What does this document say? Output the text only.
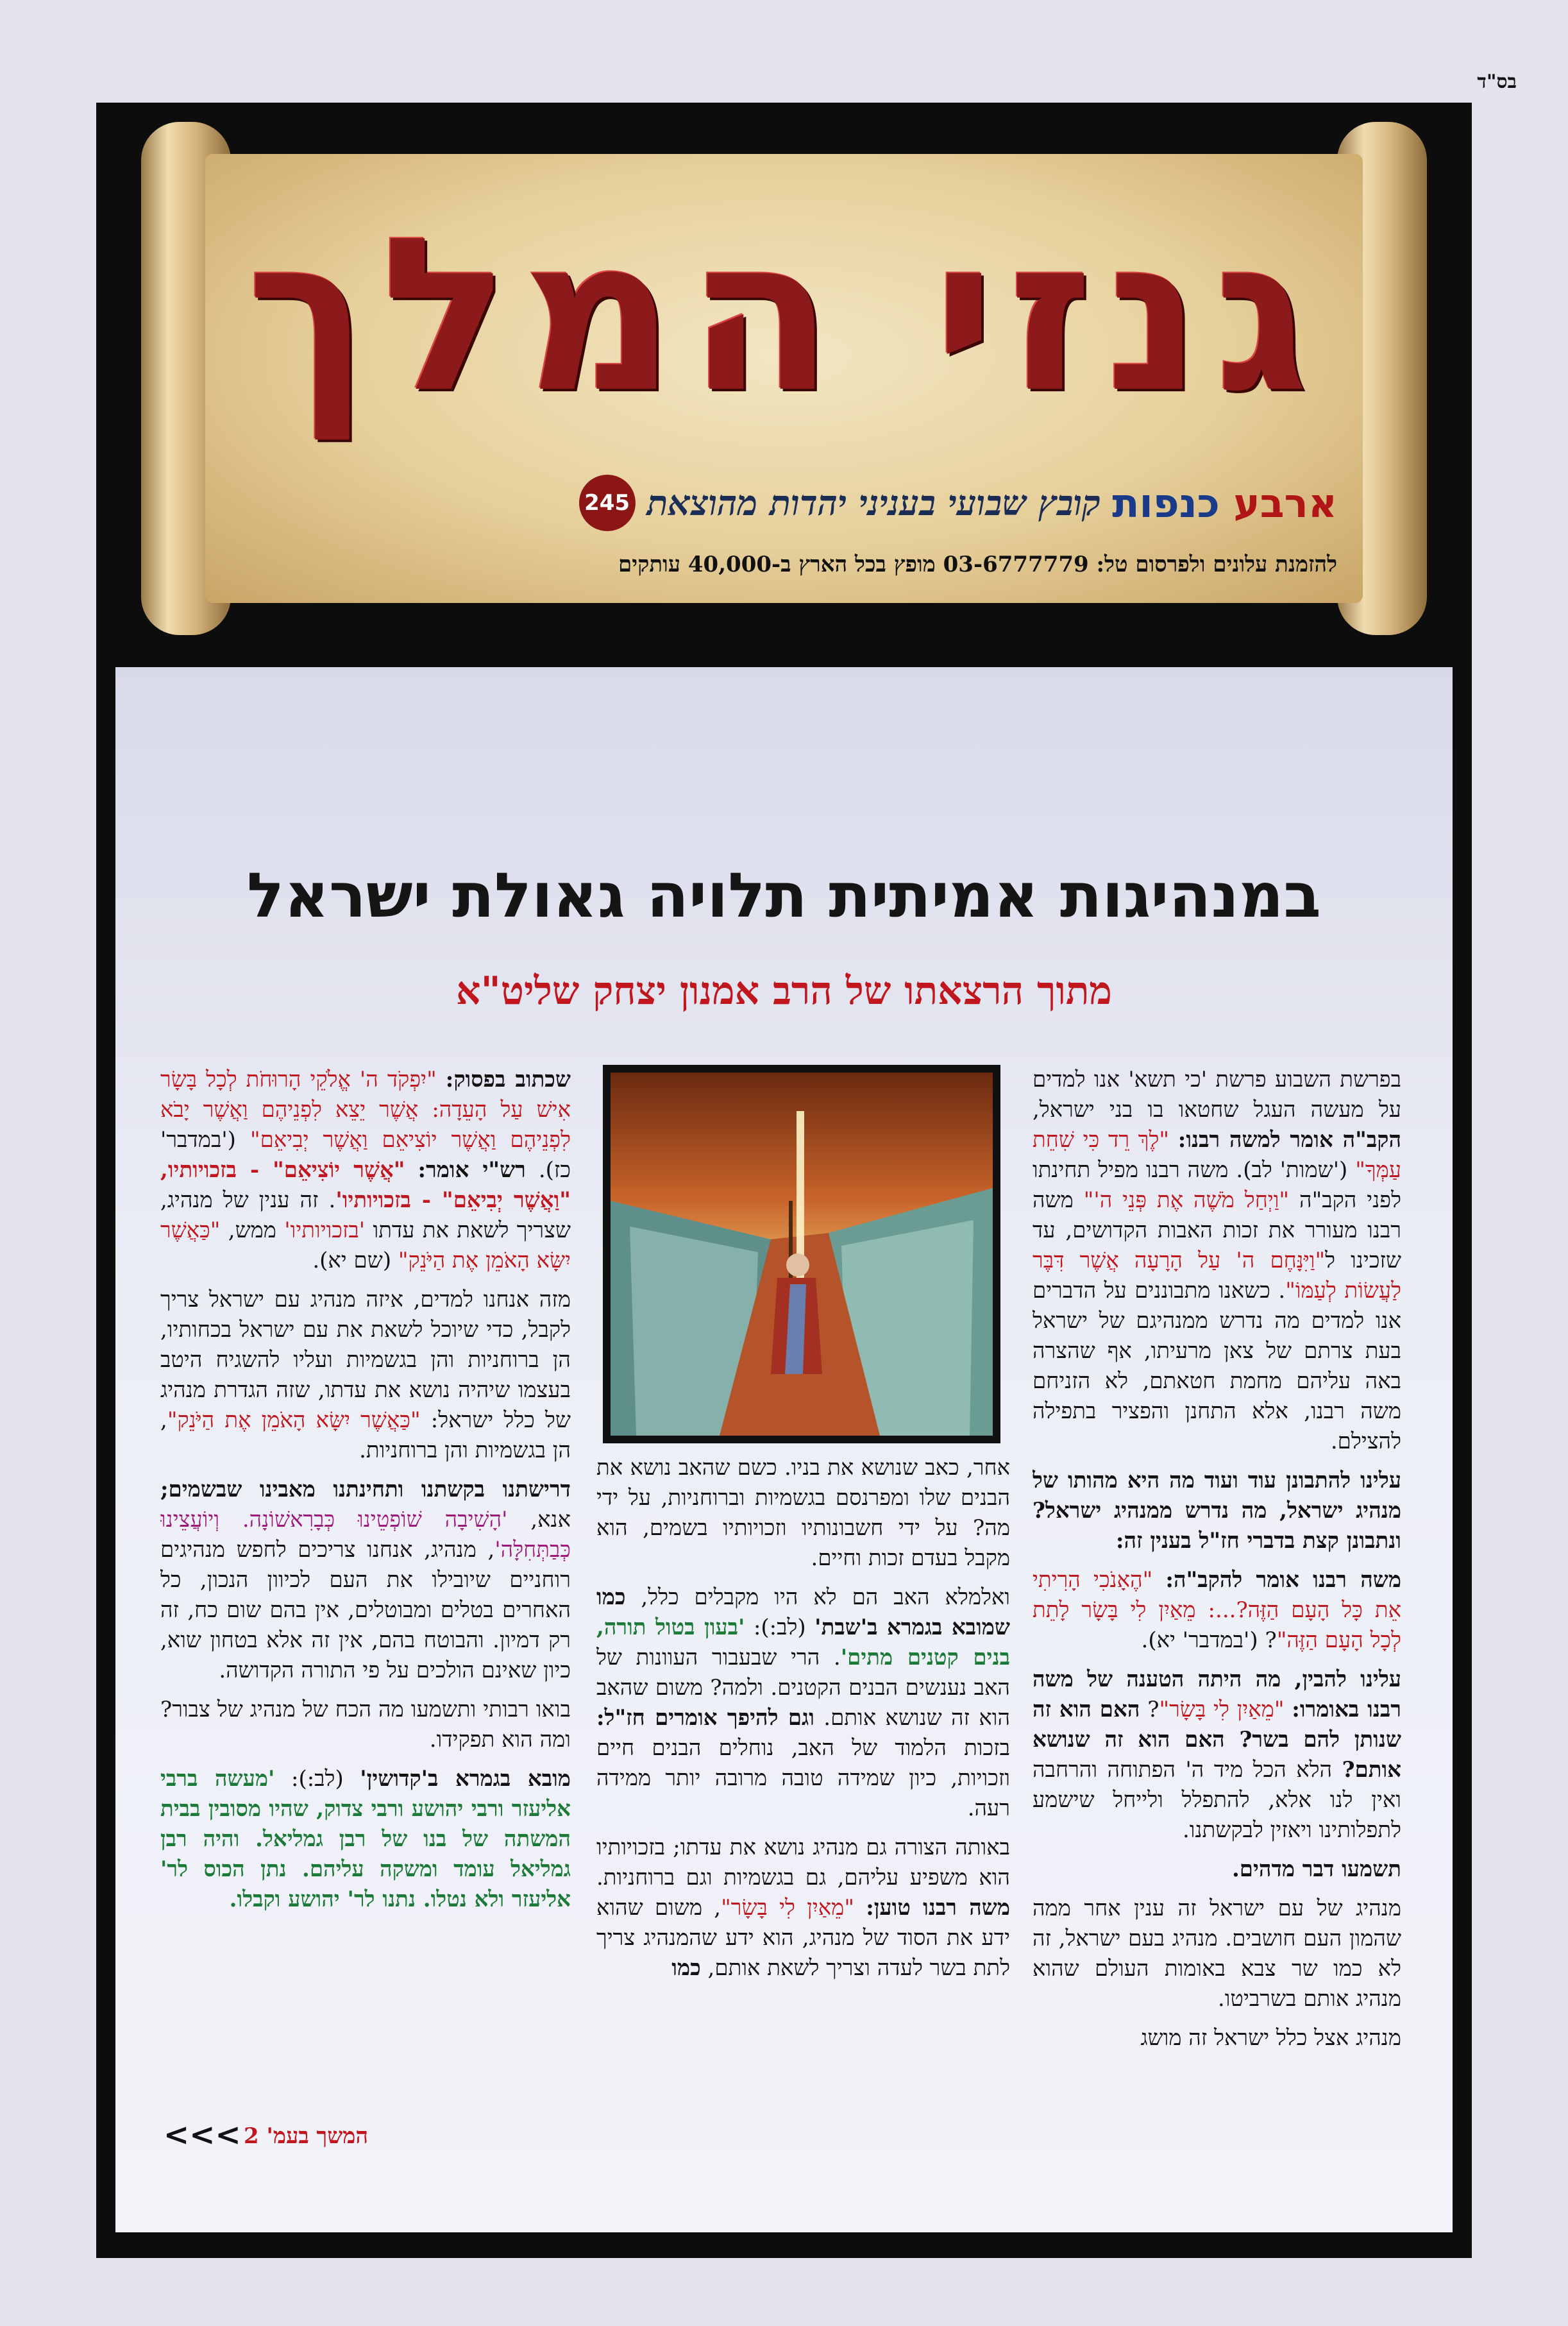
בס"ד
גנזי המלך
245 קובץ שבועי בעניני יהדות מהוצאת	ארבע כנפות
להזמנת עלונים ולפרסום טל: 03-6777779 מופץ בכל הארץ ב-40,000 עותקים
במנהיגות אמיתית תלויה גאולת ישראל
מתוך הרצאתו של הרב אמנון יצחק שליט"א

בפרשת השבוע פרשת 'כי תשא' אנו למדים על מעשה העגל שחטאו בו בני ישראל, הקב"ה אומר למשה רבנו: "לֶךְ רֵד כִּי שִׁחֵת עַמְּךָ" ('שמות' לב). משה רבנו מפיל תחינתו לפני הקב"ה "וַיְחַל מֹשֶׁה אֶת פְּנֵי ה'" משה רבנו מעורר את זכות האבות הקדושים, עד שזכינו ל"וַיִּנָּחֶם ה' עַל הָרָעָה אֲשֶׁר דִּבֶּר לַעֲשׂוֹת לְעַמּוֹ". כשאנו מתבוננים על הדברים אנו למדים מה נדרש ממנהיגם של ישראל בעת צרתם של צאן מרעיתו, אף שהצרה באה עליהם מחמת חטאתם, לא הזניחם משה רבנו, אלא התחנן והפציר בתפילה להצילם.

עלינו להתבונן עוד ועוד מה היא מהותו של מנהיג ישראל, מה נדרש ממנהיג ישראל? ונתבונן קצת בדברי חז"ל בענין זה:

משה רבנו אומר להקב"ה: "הֶאָנֹכִי הָרִיתִי אֵת כָּל הָעָם הַזֶּה?...: מֵאַיִן לִי בָּשָׂר לָתֵת לְכָל הָעָם הַזֶּה"? ('במדבר' יא).

עלינו להבין, מה היתה הטענה של משה רבנו באומרו: "מֵאַיִן לִי בָּשָׂר"? האם הוא זה שנותן להם בשר? האם הוא זה שנושא אותם? הלא הכל מיד ה' הפתוחה והרחבה ואין לנו אלא, להתפלל ולייחל שישמע לתפלותינו ויאזין לבקשתנו.

תשמעו דבר מדהים.

מנהיג של עם ישראל זה ענין אחר ממה שהמון העם חושבים. מנהיג בעם ישראל, זה לא כמו שר צבא באומות העולם שהוא מנהיג אותם בשרביטו.

מנהיג אצל כלל ישראל זה מושג

אחר, כאב שנושא את בניו. כשם שהאב נושא את הבנים שלו ומפרנסם בגשמיות וברוחניות, על ידי מה? על ידי חשבונותיו וזכויותיו בשמים, הוא מקבל בעדם זכות וחיים.

ואלמלא האב הם לא היו מקבלים כלל, כמו שמובא בגמרא ב'שבת' (לב:): 'בעון בטול תורה, בנים קטנים מתים'. הרי שבעבור העוונות של האב נענשים הבנים הקטנים. ולמה? משום שהאב הוא זה שנושא אותם. וגם להיפך אומרים חז"ל: בזכות הלמוד של האב, נוחלים הבנים חיים וזכויות, כיון שמידה טובה מרובה יותר ממידה רעה.

באותה הצורה גם מנהיג נושא את עדתו; בזכויותיו הוא משפיע עליהם, גם בגשמיות וגם ברוחניות. משה רבנו טוען: "מֵאַיִן לִי בָּשָׂר", משום שהוא ידע את הסוד של מנהיג, הוא ידע שהמנהיג צריך לתת בשר לעדה וצריך לשאת אותם, כמו

שכתוב בפסוק: "יִפְקֹד ה' אֱלֹקֵי הָרוּחֹת לְכָל בָּשָׂר אִישׁ עַל הָעֵדָה: אֲשֶׁר יֵצֵא לִפְנֵיהֶם וַאֲשֶׁר יָבֹא לִפְנֵיהֶם וַאֲשֶׁר יוֹצִיאֵם וַאֲשֶׁר יְבִיאֵם" ('במדבר' כז). רש"י אומר: "אֲשֶׁר יוֹצִיאֵם" - בזכויותיו, "וַאֲשֶׁר יְבִיאֵם" - בזכויותיו'. זה ענין של מנהיג, שצריך לשאת את עדתו 'בזכויותיו' ממש, "כַּאֲשֶׁר יִשָּׂא הָאֹמֵן אֶת הַיֹּנֵק" (שם יא).

מזה אנחנו למדים, איזה מנהיג עם ישראל צריך לקבל, כדי שיוכל לשאת את עם ישראל בכחותיו, הן ברוחניות והן בגשמיות ועליו להשגיח היטב בעצמו שיהיה נושא את עדתו, שזה הגדרת מנהיג של כלל ישראל: "כַּאֲשֶׁר יִשָּׂא הָאֹמֵן אֶת הַיֹּנֵק", הן בגשמיות והן ברוחניות.

דרישתנו בקשתנו ותחינתנו מאבינו שבשמים; אנא, 'הָשִׁיבָה שׁוֹפְטֵינוּ כְּבָרִאשׁוֹנָה. וְיוֹעֲצֵינוּ כְּבַתְּחִלָּה', מנהיג, אנחנו צריכים לחפש מנהיגים רוחניים שיובילו את העם לכיוון הנכון, כל האחרים בטלים ומבוטלים, אין בהם שום כח, זה רק דמיון. והבוטח בהם, אין זה אלא בטחון שוא, כיון שאינם הולכים על פי התורה הקדושה.

בואו רבותי ותשמעו מה הכח של מנהיג של צבור? ומה הוא תפקידו.

מובא בגמרא ב'קדושין' (לב:): 'מעשה ברבי אליעזר ורבי יהושע ורבי צדוק, שהיו מסובין בבית המשתה של בנו של רבן גמליאל. והיה רבן גמליאל עומד ומשקה עליהם. נתן הכוס לר' אליעזר ולא נטלו. נתנו לר' יהושע וקבלו.

המשך בעמ' 2
<<<
